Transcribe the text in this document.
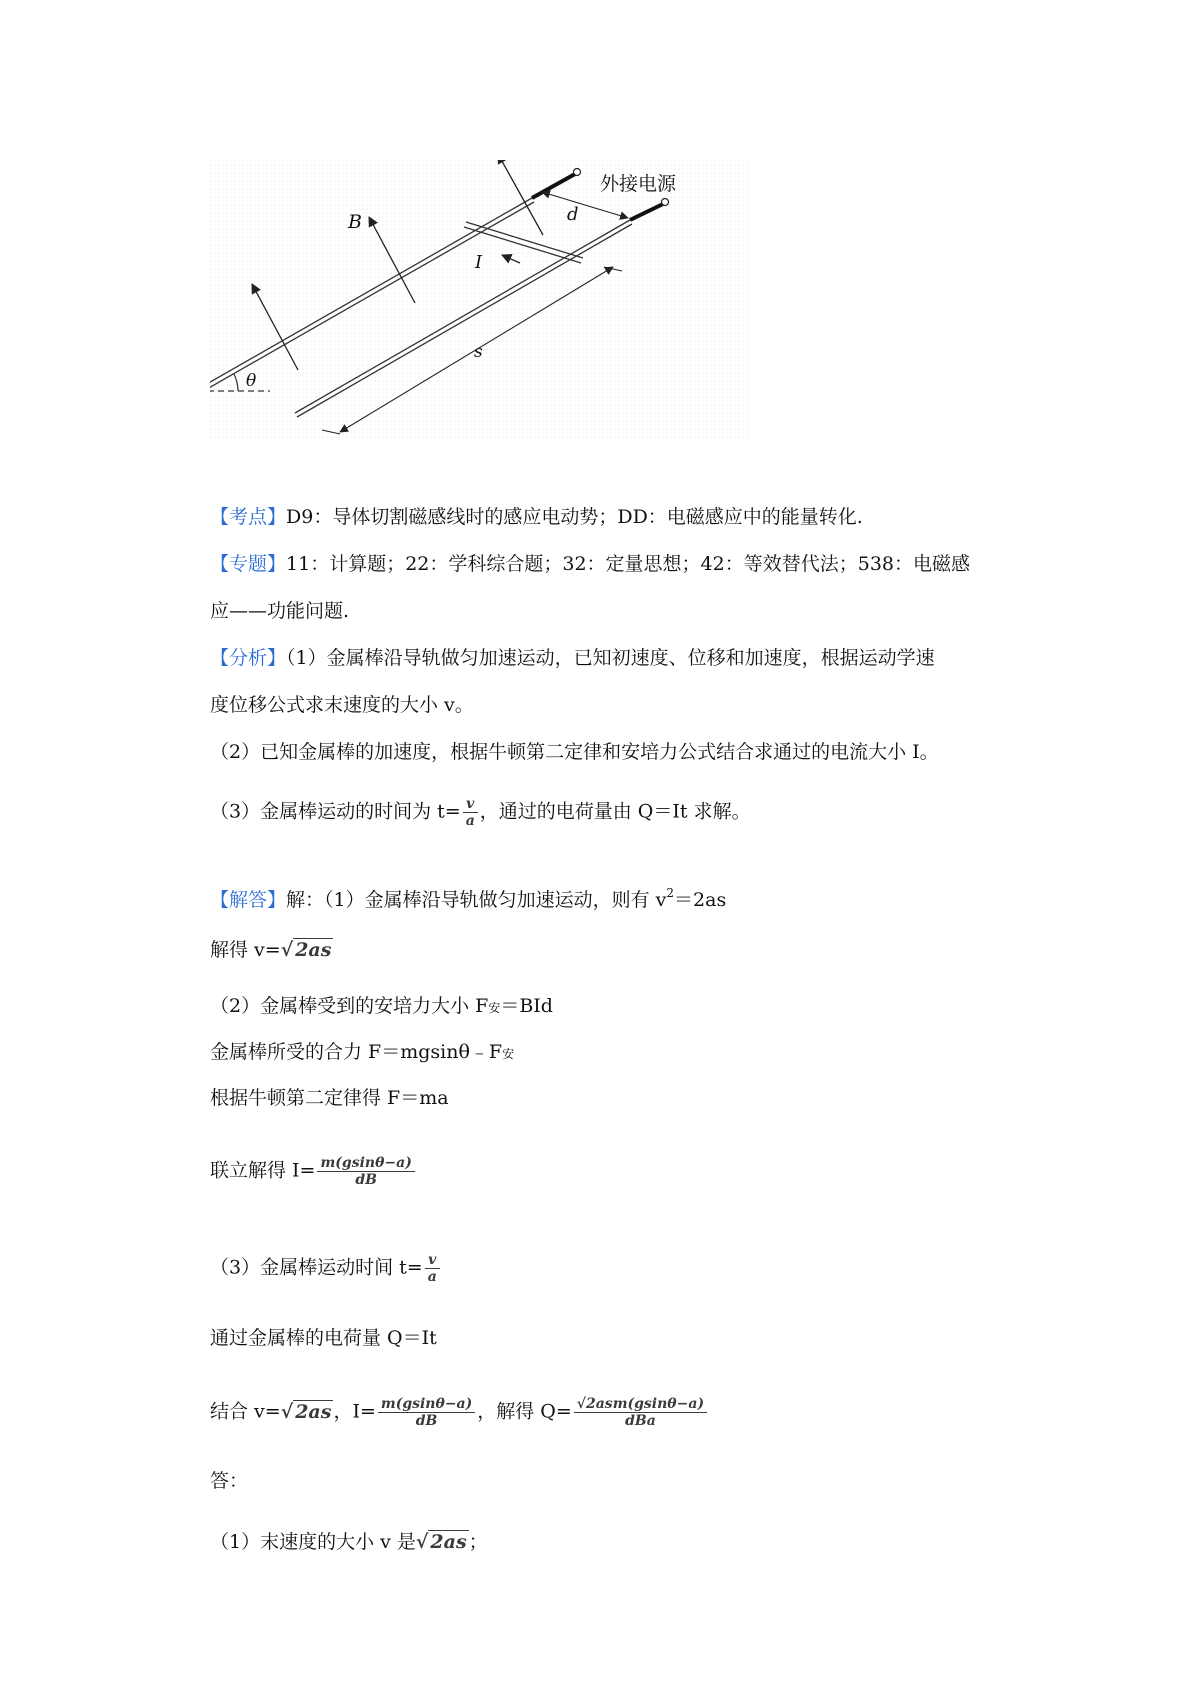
外接电源
B
I
d
s
θ
【考点】D9：导体切割磁感线时的感应电动势；DD：电磁感应中的能量转化.
【专题】11：计算题；22：学科综合题；32：定量思想；42：等效替代法；538：电磁感
应——功能问题.
【分析】（1）金属棒沿导轨做匀加速运动，已知初速度、位移和加速度，根据运动学速
度位移公式求末速度的大小 v。
（2）已知金属棒的加速度，根据牛顿第二定律和安培力公式结合求通过的电流大小 I。
（3）金属棒运动的时间为 $t= \frac{v}{a}$ ，通过的电荷量由 Q＝It 求解。
【解答】解：（1）金属棒沿导轨做匀加速运动，则有 $v^2=2as$
解得 v=√ 2as
（2）金属棒受到的安培力大小 F安＝BId
金属棒所受的合力 F＝mgsinθ﹣F安
根据牛顿第二定律得 F＝ma
联立解得 $I= \frac{m(gsin\theta-a)}{dB}$
（3）金属棒运动时间 $t= \frac{v}{a}$
通过金属棒的电荷量 Q＝It
结合 v=√ 2as ，$I= \frac{m(gsin\theta-a)}{dB}$ ，解得 $Q= \frac{\text{√2asm(gsinθ−a)}}{\text{dBa}}$
答：
（1）末速度的大小 v 是√ 2as ；
